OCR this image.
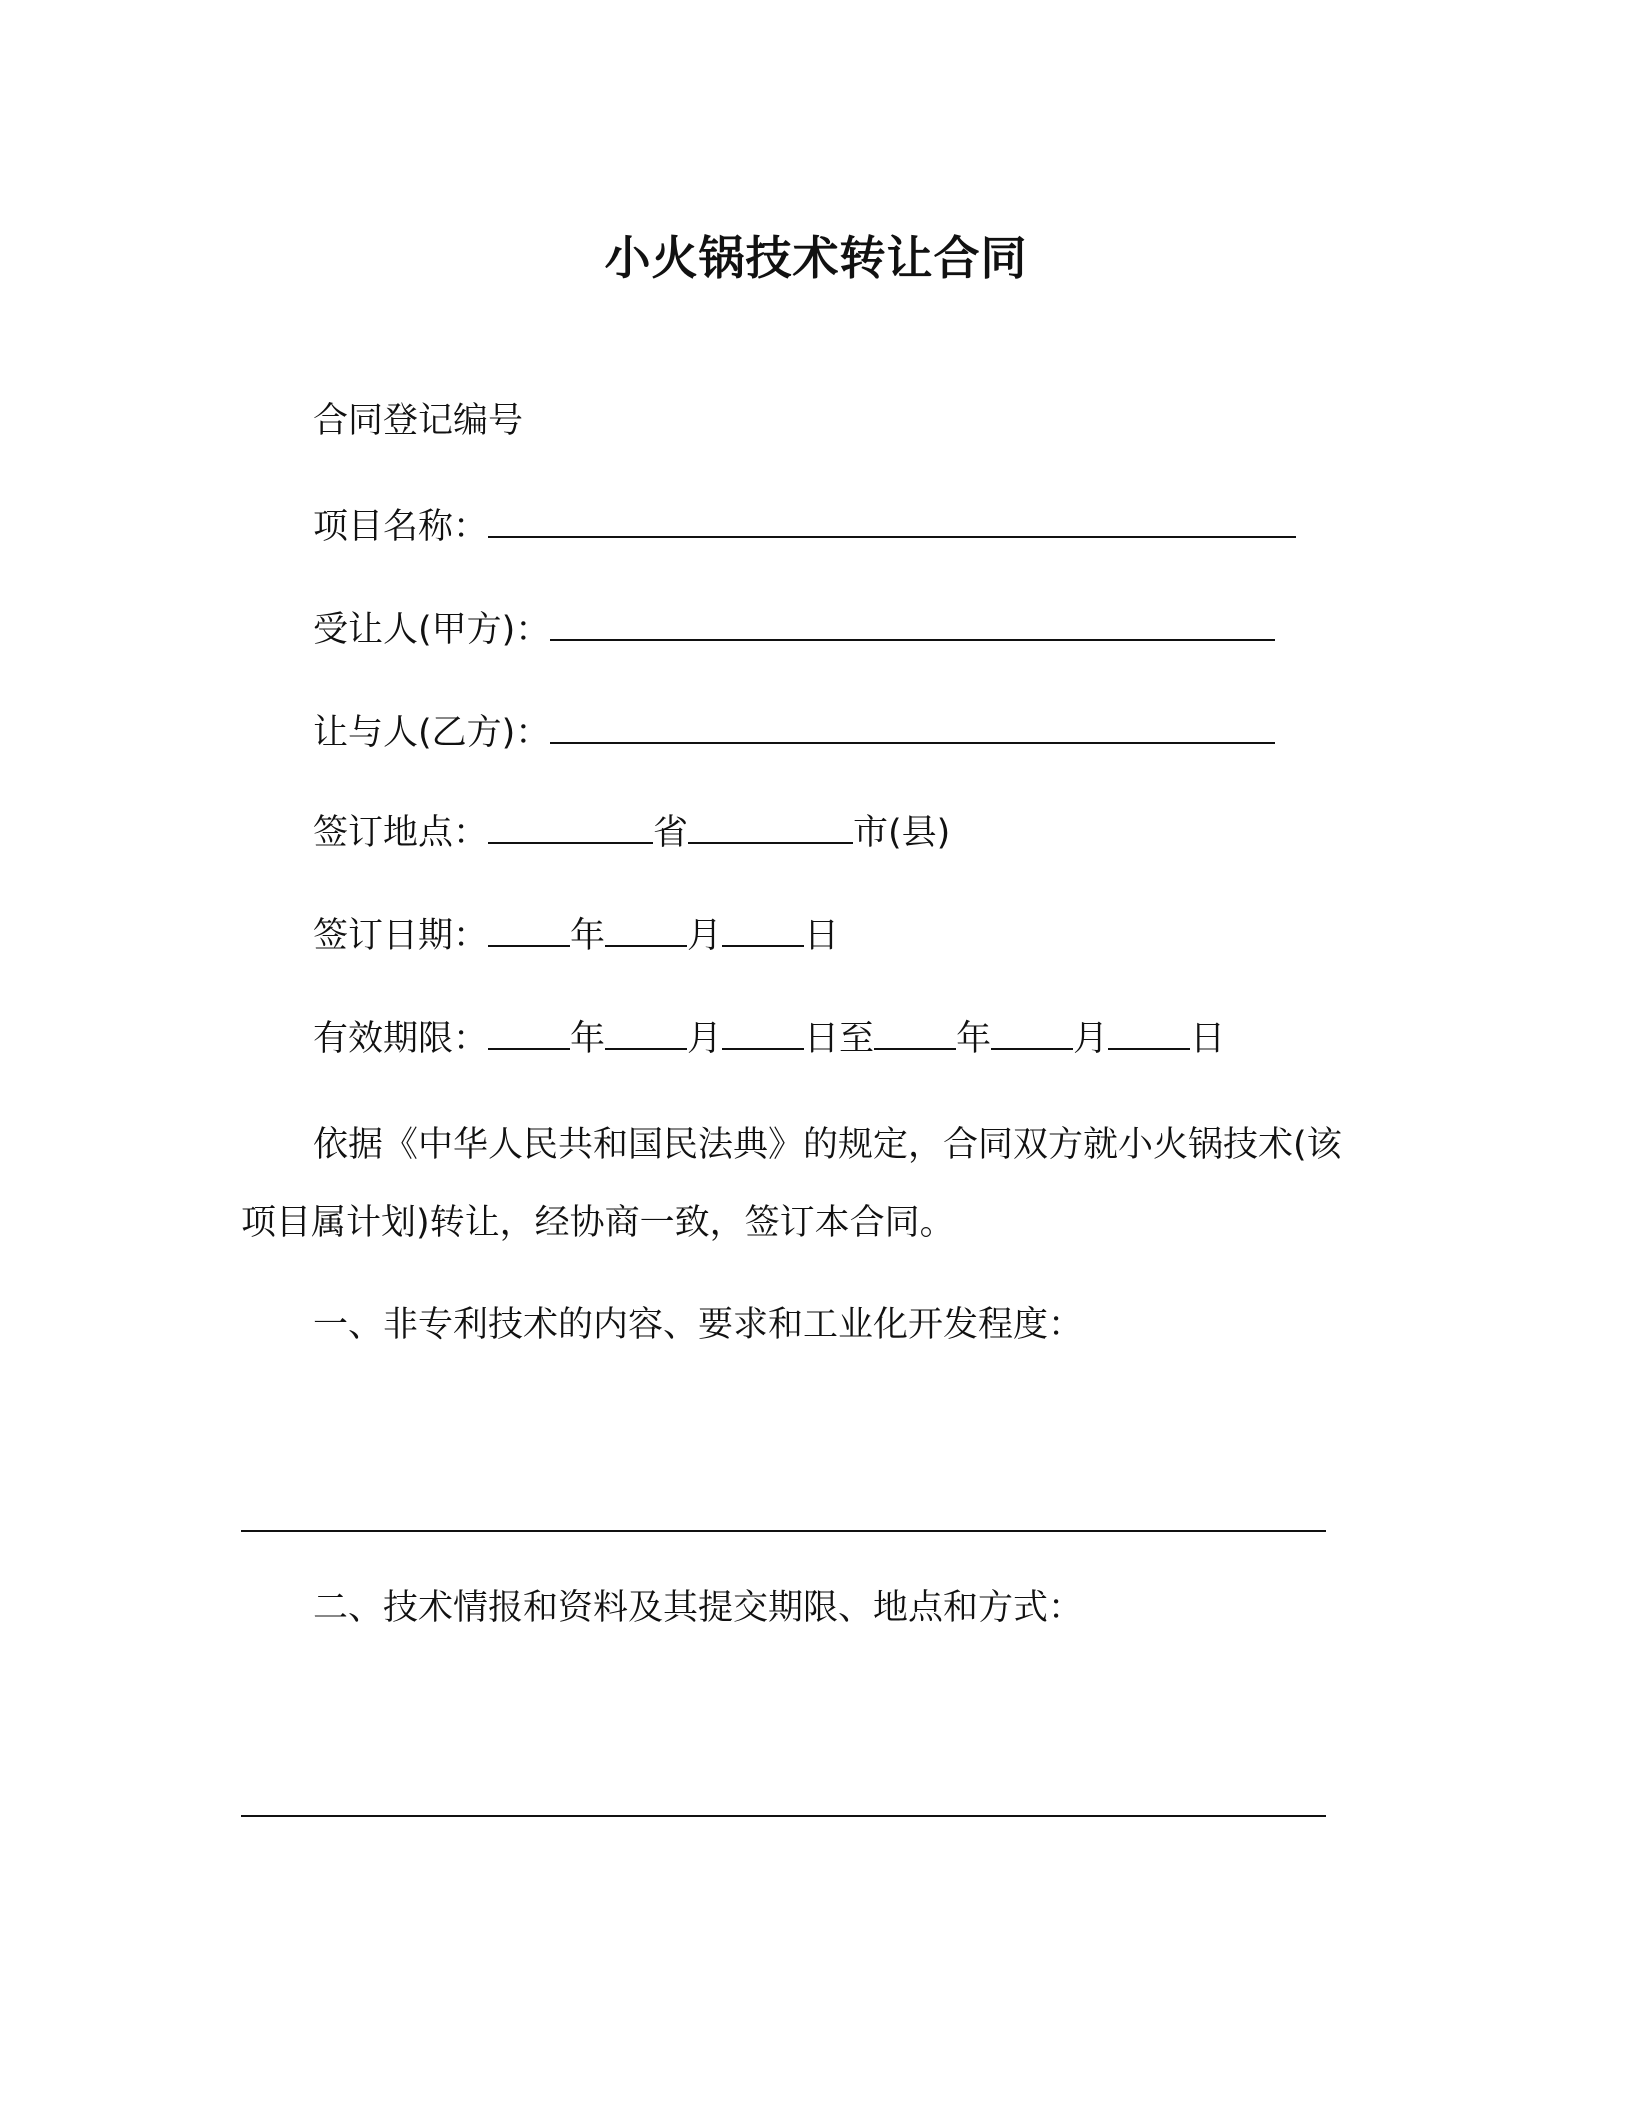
小火锅技术转让合同
合同登记编号
项目名称：
受让人(甲方)：
让与人(乙方)：
签订地点：	省	市(县)
签订日期： 年 月 日
有效期限： 年 月 日至 年 月 日
依据《中华人民共和国民法典》的规定，合同双方就小火锅技术(该项目属计划)转让，经协商一致，签订本合同。
一、非专利技术的内容、要求和工业化开发程度：
二、技术情报和资料及其提交期限、地点和方式：
